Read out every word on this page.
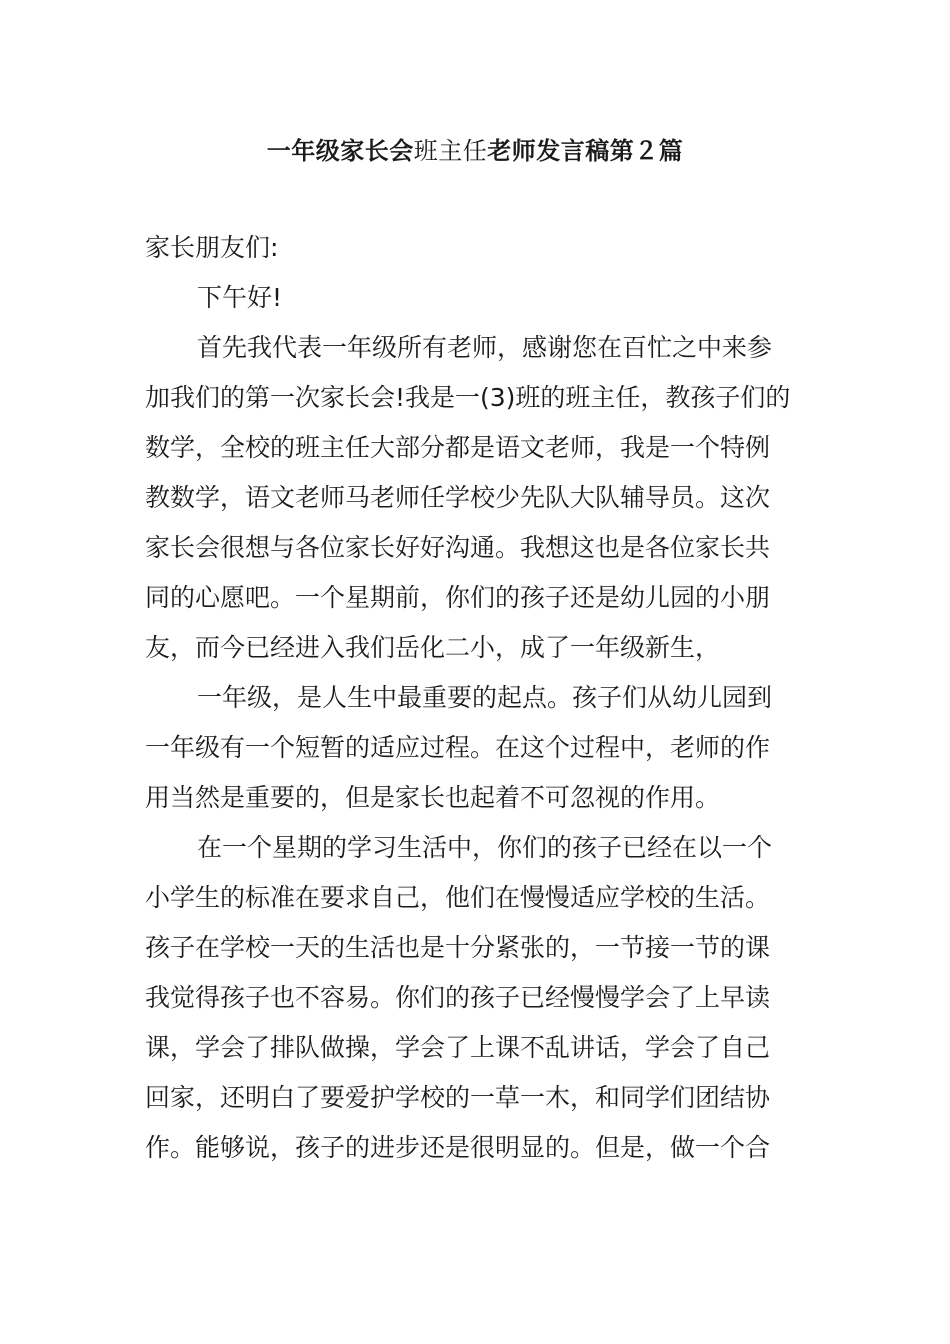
一年级家长会班主任老师发言稿第２篇
家长朋友们:
下午好!
首先我代表一年级所有老师，感谢您在百忙之中来参
加我们的第一次家长会!我是一(3)班的班主任，教孩子们的
数学，全校的班主任大部分都是语文老师，我是一个特例
教数学，语文老师马老师任学校少先队大队辅导员。这次
家长会很想与各位家长好好沟通。我想这也是各位家长共
同的心愿吧。一个星期前，你们的孩子还是幼儿园的小朋
友，而今已经进入我们岳化二小，成了一年级新生，
一年级，是人生中最重要的起点。孩子们从幼儿园到
一年级有一个短暂的适应过程。在这个过程中，老师的作
用当然是重要的，但是家长也起着不可忽视的作用。
在一个星期的学习生活中，你们的孩子已经在以一个
小学生的标准在要求自己，他们在慢慢适应学校的生活。
孩子在学校一天的生活也是十分紧张的，一节接一节的课
我觉得孩子也不容易。你们的孩子已经慢慢学会了上早读
课，学会了排队做操，学会了上课不乱讲话，学会了自己
回家，还明白了要爱护学校的一草一木，和同学们团结协
作。能够说，孩子的进步还是很明显的。但是，做一个合
